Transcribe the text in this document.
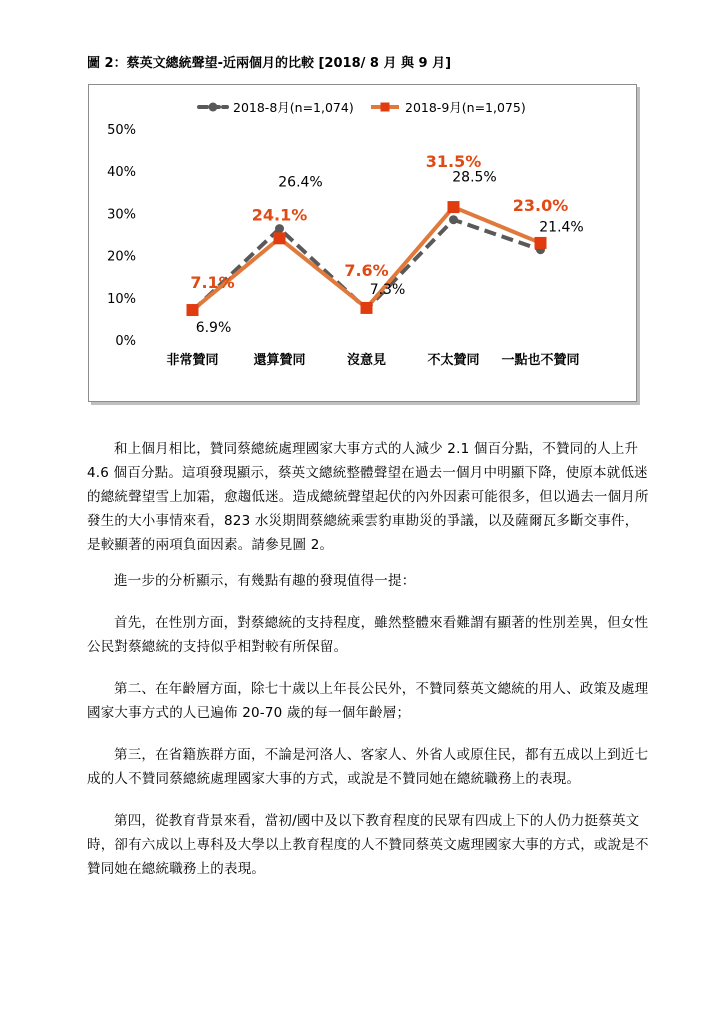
圖 2：蔡英文總統聲望-近兩個月的比較 [2018/ 8 月 與 9 月]
0%
10%
20%
30%
40%
50%
非常贊同	還算贊同	沒意見	不太贊同 一點也不贊同
2018-8月(n=1,074)	2018-9月(n=1,075)
6.9%
26.4%
7.3%
28.5%
21.4%
7.1%
24.1%
7.6%
31.5%
23.0%

和上個月相比，贊同蔡總統處理國家大事方式的人減少 2.1 個百分點，不贊同的人上升 4.6 個百分點。這項發現顯示，蔡英文總統整體聲望在過去一個月中明顯下降，使原本就低迷的總統聲望雪上加霜，愈趨低迷。造成總統聲望起伏的內外因素可能很多，但以過去一個月所發生的大小事情來看，823 水災期間蔡總統乘雲豹車勘災的爭議，以及薩爾瓦多斷交事件，是較顯著的兩項負面因素。請參見圖 2。

進一步的分析顯示，有幾點有趣的發現值得一提：

首先，在性別方面，對蔡總統的支持程度，雖然整體來看難謂有顯著的性別差異，但女性公民對蔡總統的支持似乎相對較有所保留。

第二、在年齡層方面，除七十歲以上年長公民外，不贊同蔡英文總統的用人、政策及處理國家大事方式的人已遍佈 20-70 歲的每一個年齡層；

第三，在省籍族群方面，不論是河洛人、客家人、外省人或原住民，都有五成以上到近七成的人不贊同蔡總統處理國家大事的方式，或說是不贊同她在總統職務上的表現。

第四，從教育背景來看，當初/國中及以下教育程度的民眾有四成上下的人仍力挺蔡英文時，卻有六成以上專科及大學以上教育程度的人不贊同蔡英文處理國家大事的方式，或說是不贊同她在總統職務上的表現。
